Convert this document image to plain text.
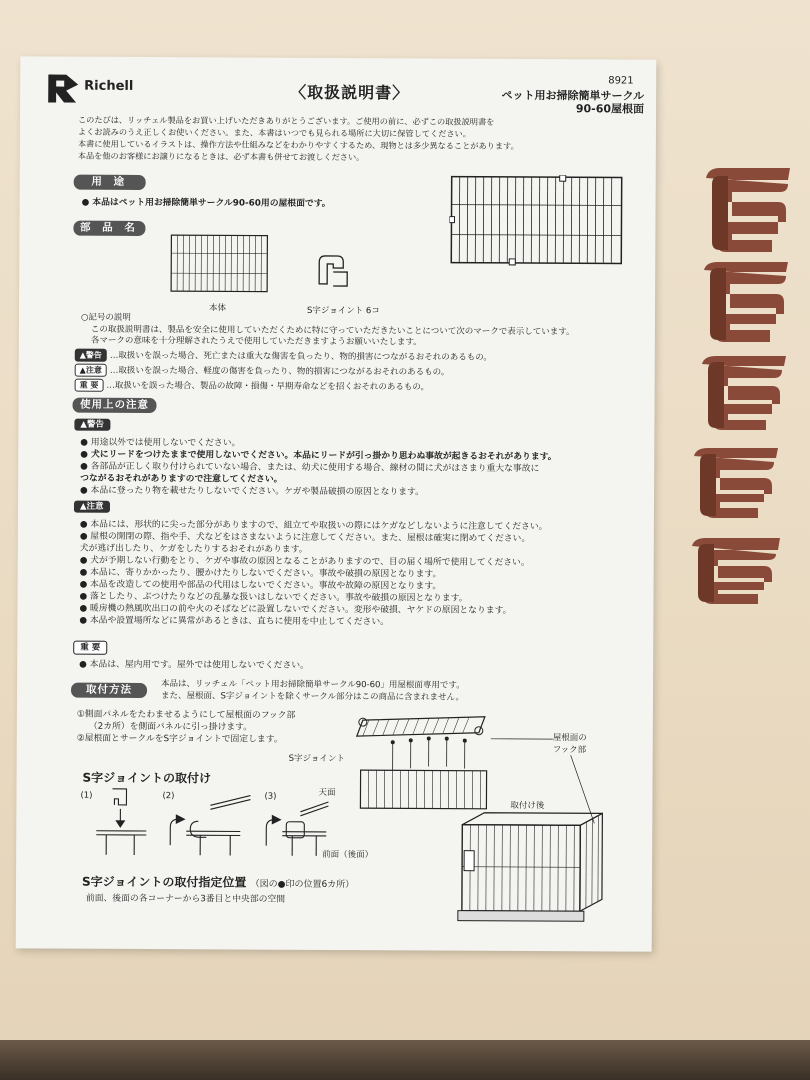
Richell	〈取扱説明書〉
8921
ペット用お掃除簡単サークル
90-60屋根面
このたびは、リッチェル製品をお買い上げいただきありがとうございます。ご使用の前に、必ずこの取扱説明書を
よくお読みのうえ正しくお使いください。また、本書はいつでも見られる場所に大切に保管してください。
本書に使用しているイラストは、操作方法や仕組みなどをわかりやすくするため、現物とは多少異なることがあります。
本品を他のお客様にお譲りになるときは、必ず本書も併せてお渡しください。
用 途
● 本品はペット用お掃除簡単サークル90-60用の屋根面です。
部 品 名
本体	S字ジョイント 6コ
○記号の説明
この取扱説明書は、製品を安全に使用していただくために特に守っていただきたいことについて次のマークで表示しています。
各マークの意味を十分理解されたうえで使用していただきますようお願いいたします。
▲警告 …取扱いを誤った場合、死亡または重大な傷害を負ったり、物的損害につながるおそれのあるもの。
▲注意 …取扱いを誤った場合、軽度の傷害を負ったり、物的損害につながるおそれのあるもの。
重 要 …取扱いを誤った場合、製品の故障・損傷・早期寿命などを招くおそれのあるもの。
使用上の注意
▲警告
● 用途以外では使用しないでください。
● 犬にリードをつけたままで使用しないでください。本品にリードが引っ掛かり思わぬ事故が起きるおそれがあります。
● 各部品が正しく取り付けられていない場合、または、幼犬に使用する場合、線材の間に犬がはさまり重大な事故に
つながるおそれがありますので注意してください。
● 本品に登ったり物を載せたりしないでください。ケガや製品破損の原因となります。
▲注意
● 本品には、形状的に尖った部分がありますので、組立てや取扱いの際にはケガなどしないように注意してください。
● 屋根の開閉の際、指や手、犬などをはさまないように注意してください。また、屋根は確実に閉めてください。
犬が逃げ出したり、ケガをしたりするおそれがあります。
● 犬が予期しない行動をとり、ケガや事故の原因となることがありますので、目の届く場所で使用してください。
● 本品に、寄りかかったり、腰かけたりしないでください。事故や破損の原因となります。
● 本品を改造しての使用や部品の代用はしないでください。事故や故障の原因となります。
● 落としたり、ぶつけたりなどの乱暴な扱いはしないでください。事故や破損の原因となります。
● 暖房機の熱風吹出口の前や火のそばなどに設置しないでください。変形や破損、ヤケドの原因となります。
● 本品や設置場所などに異常があるときは、直ちに使用を中止してください。
重 要
● 本品は、屋内用です。屋外では使用しないでください。
取付方法	本品は、リッチェル「ペット用お掃除簡単サークル90-60」用屋根面専用です。
また、屋根面、S字ジョイントを除くサークル部分はこの商品に含まれません。
①側面パネルをたわませるようにして屋根面のフック部
（2カ所）を側面パネルに引っ掛けます。
②屋根面とサークルをS字ジョイントで固定します。
S字ジョイント
屋根面の
フック部
取付け後
S字ジョイントの取付け
(1)	(2)	(3)	天面
前面（後面）
S字ジョイントの取付指定位置 （図の●印の位置6カ所）
前面、後面の各コーナーから3番目と中央部の空間
